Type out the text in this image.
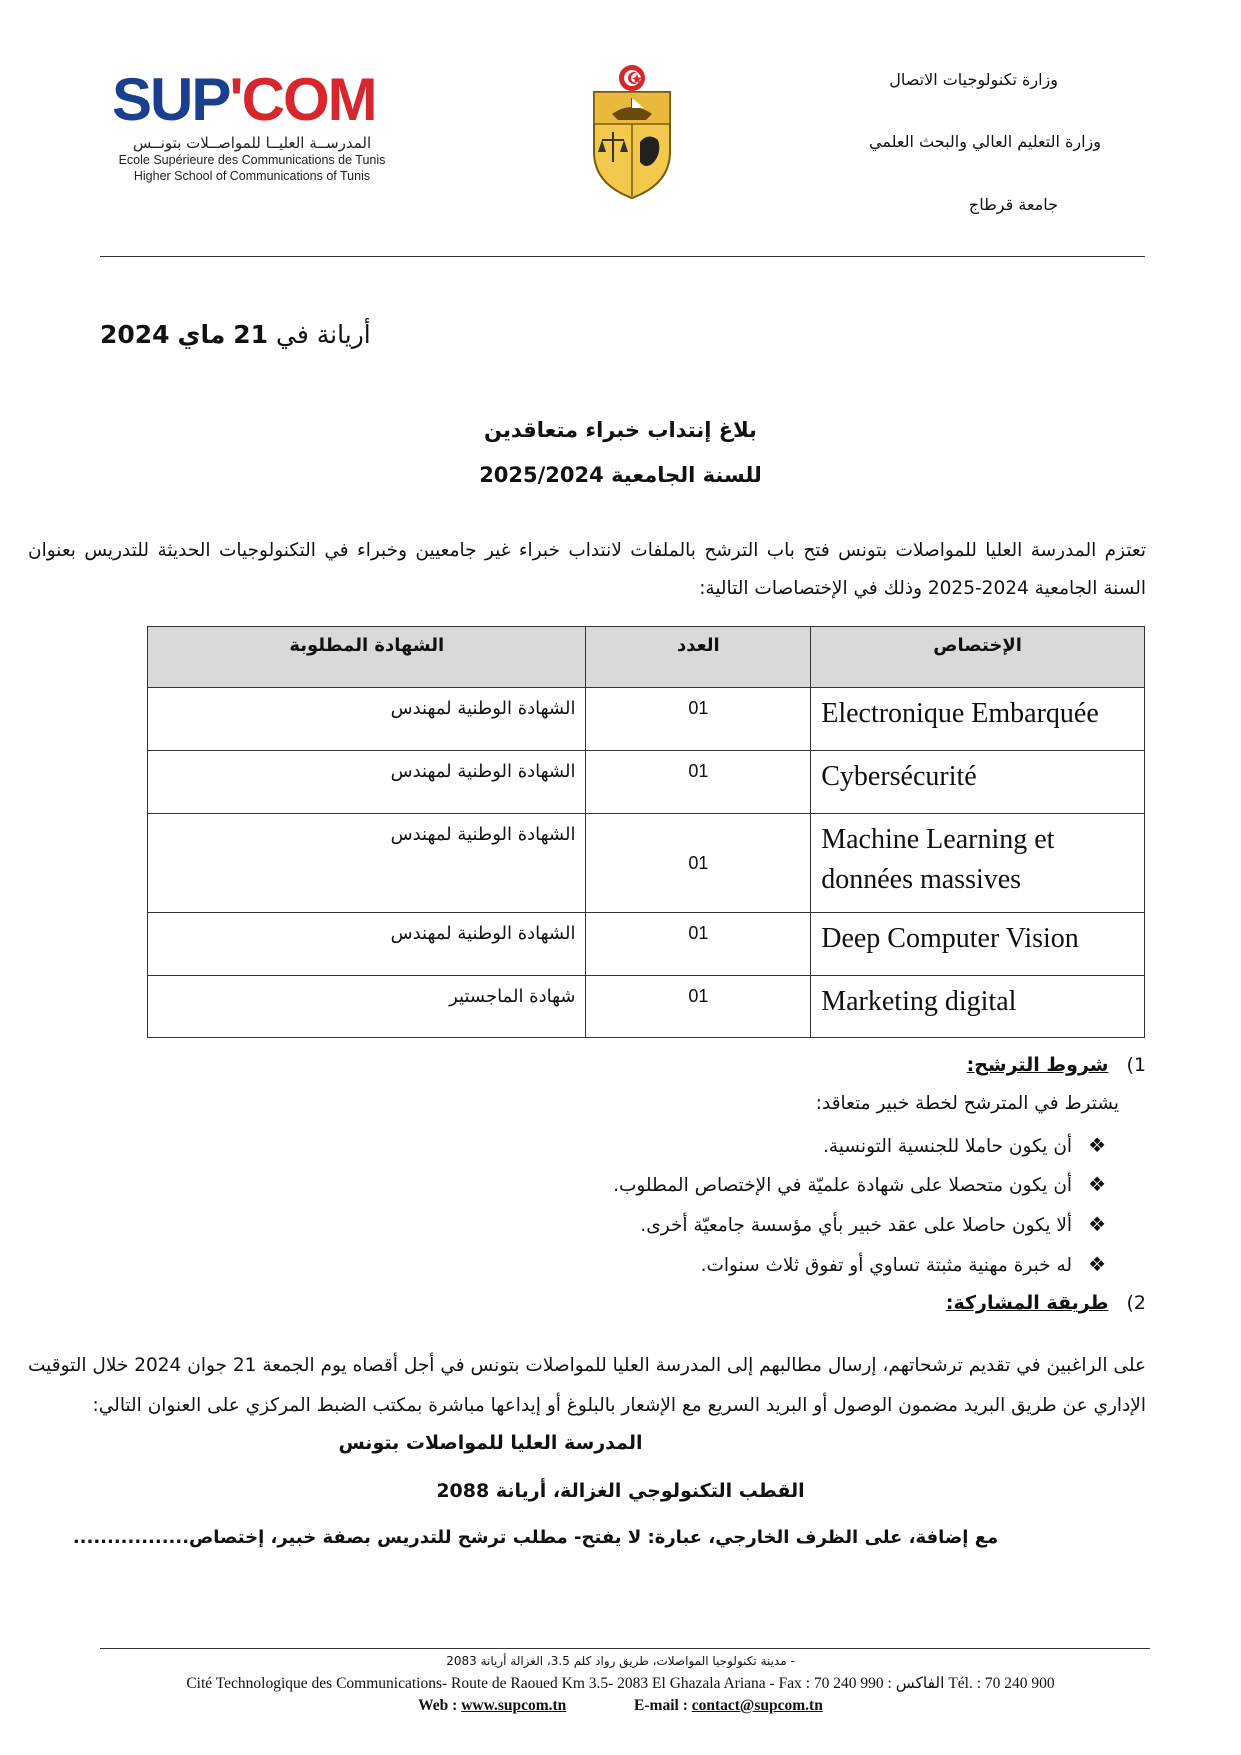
SUP'COM
المدرســة العليــا للمواصــلات بتونــس
Ecole Supérieure des Communications de Tunis
Higher School of Communications of Tunis
وزارة تكنولوجيات الاتصال
وزارة التعليم العالي والبحث العلمي
جامعة قرطاج
أريانة في 21 ماي 2024
بلاغ إنتداب خبراء متعاقدين
للسنة الجامعية 2025/2024
تعتزم المدرسة العليا للمواصلات بتونس فتح باب الترشح بالملفات لانتداب خبراء غير جامعيين وخبراء في التكنولوجيات الحديثة للتدريس بعنوان السنة الجامعية 2024-2025 وذلك في الإختصاصات التالية:
الشهادة المطلوبة	العدد	الإختصاص
الشهادة الوطنية لمهندس	01	Electronique Embarquée
الشهادة الوطنية لمهندس	01	Cybersécurité
الشهادة الوطنية لمهندس	01	Machine Learning et données massives
الشهادة الوطنية لمهندس	01	Deep Computer Vision
شهادة الماجستير	01	Marketing digital
1)شروط الترشح:
يشترط في المترشح لخطة خبير متعاقد:
❖أن يكون حاملا للجنسية التونسية.
❖أن يكون متحصلا على شهادة علميّة في الإختصاص المطلوب.
❖ألا يكون حاصلا على عقد خبير بأي مؤسسة جامعيّة أخرى.
❖له خبرة مهنية مثبتة تساوي أو تفوق ثلاث سنوات.
2)طريقة المشاركة:
على الراغبين في تقديم ترشحاتهم، إرسال مطالبهم إلى المدرسة العليا للمواصلات بتونس في أجل أقصاه يوم الجمعة 21 جوان 2024 خلال التوقيت الإداري عن طريق البريد مضمون الوصول أو البريد السريع مع الإشعار بالبلوغ أو إيداعها مباشرة بمكتب الضبط المركزي على العنوان التالي:
المدرسة العليا للمواصلات بتونس
القطب التكنولوجي الغزالة، أريانة 2088
مع إضافة، على الظرف الخارجي، عبارة: لا يفتح- مطلب ترشح للتدريس بصفة خبير، إختصاص.................
- مدينة تكنولوجيا المواصلات، طريق رواد كلم 3.5، الغزالة أريانة 2083
Cité Technologique des Communications- Route de Raoued Km 3.5- 2083 El Ghazala Ariana - Fax : 70 240 990 : الفاكس Tél. : 70 240 900
Web : www.supcom.tn	E-mail : contact@supcom.tn
